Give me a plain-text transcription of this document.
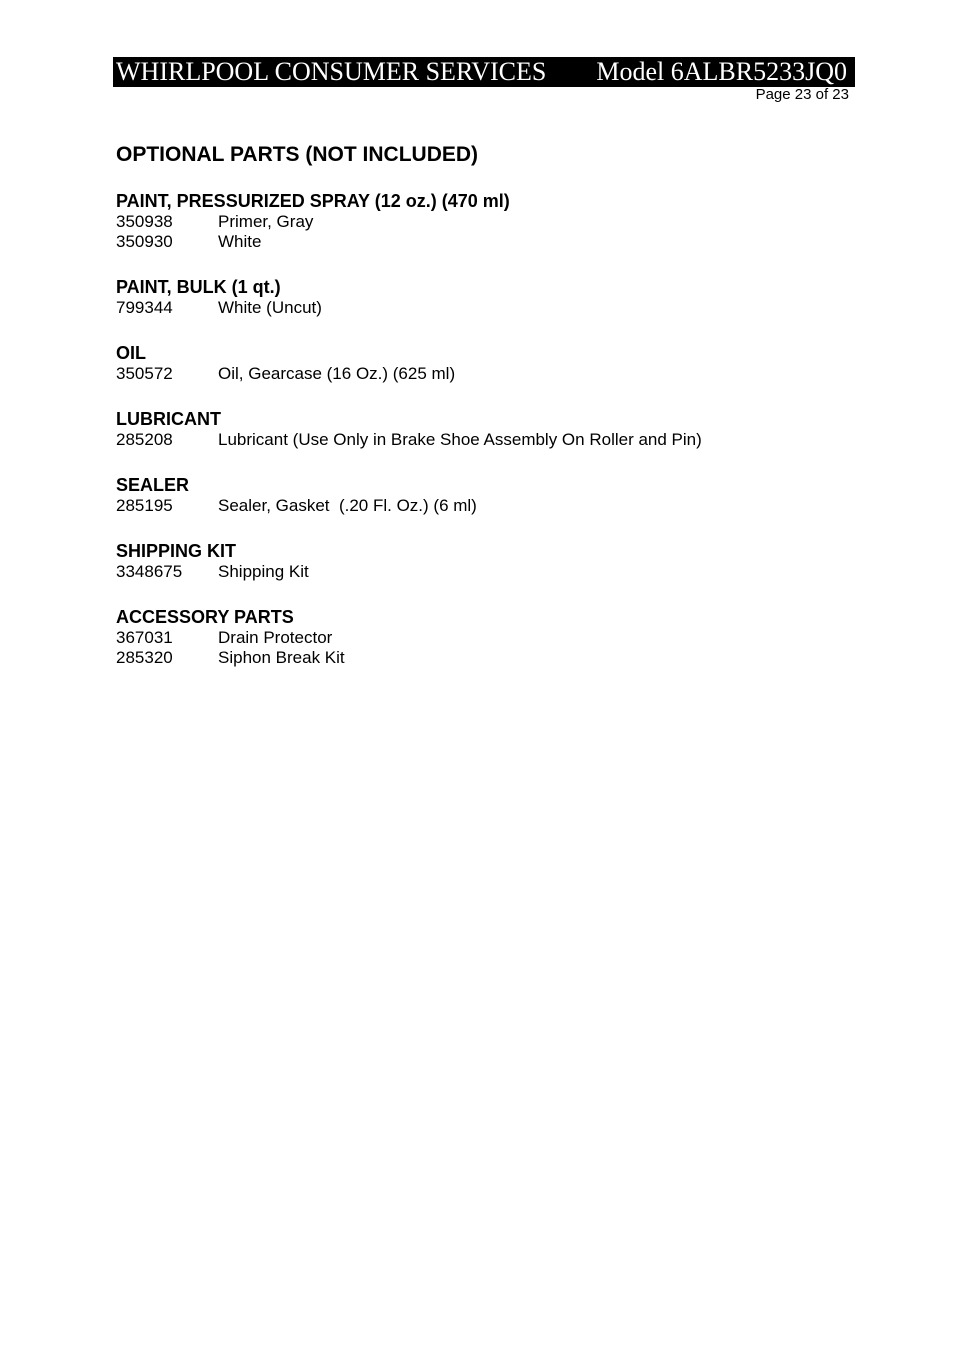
WHIRLPOOL CONSUMER SERVICES Model 6ALBR5233JQ0
Page 23 of 23
OPTIONAL PARTS (NOT INCLUDED)
PAINT, PRESSURIZED SPRAY (12 oz.) (470 ml)
350938	Primer, Gray
350930	White
PAINT, BULK (1 qt.)
799344	White (Uncut)
OIL
350572	Oil, Gearcase (16 Oz.) (625 ml)
LUBRICANT
285208	Lubricant (Use Only in Brake Shoe Assembly On Roller and Pin)
SEALER
285195	Sealer, Gasket  (.20 Fl. Oz.) (6 ml)
SHIPPING KIT
3348675	Shipping Kit
ACCESSORY PARTS
367031	Drain Protector
285320	Siphon Break Kit
